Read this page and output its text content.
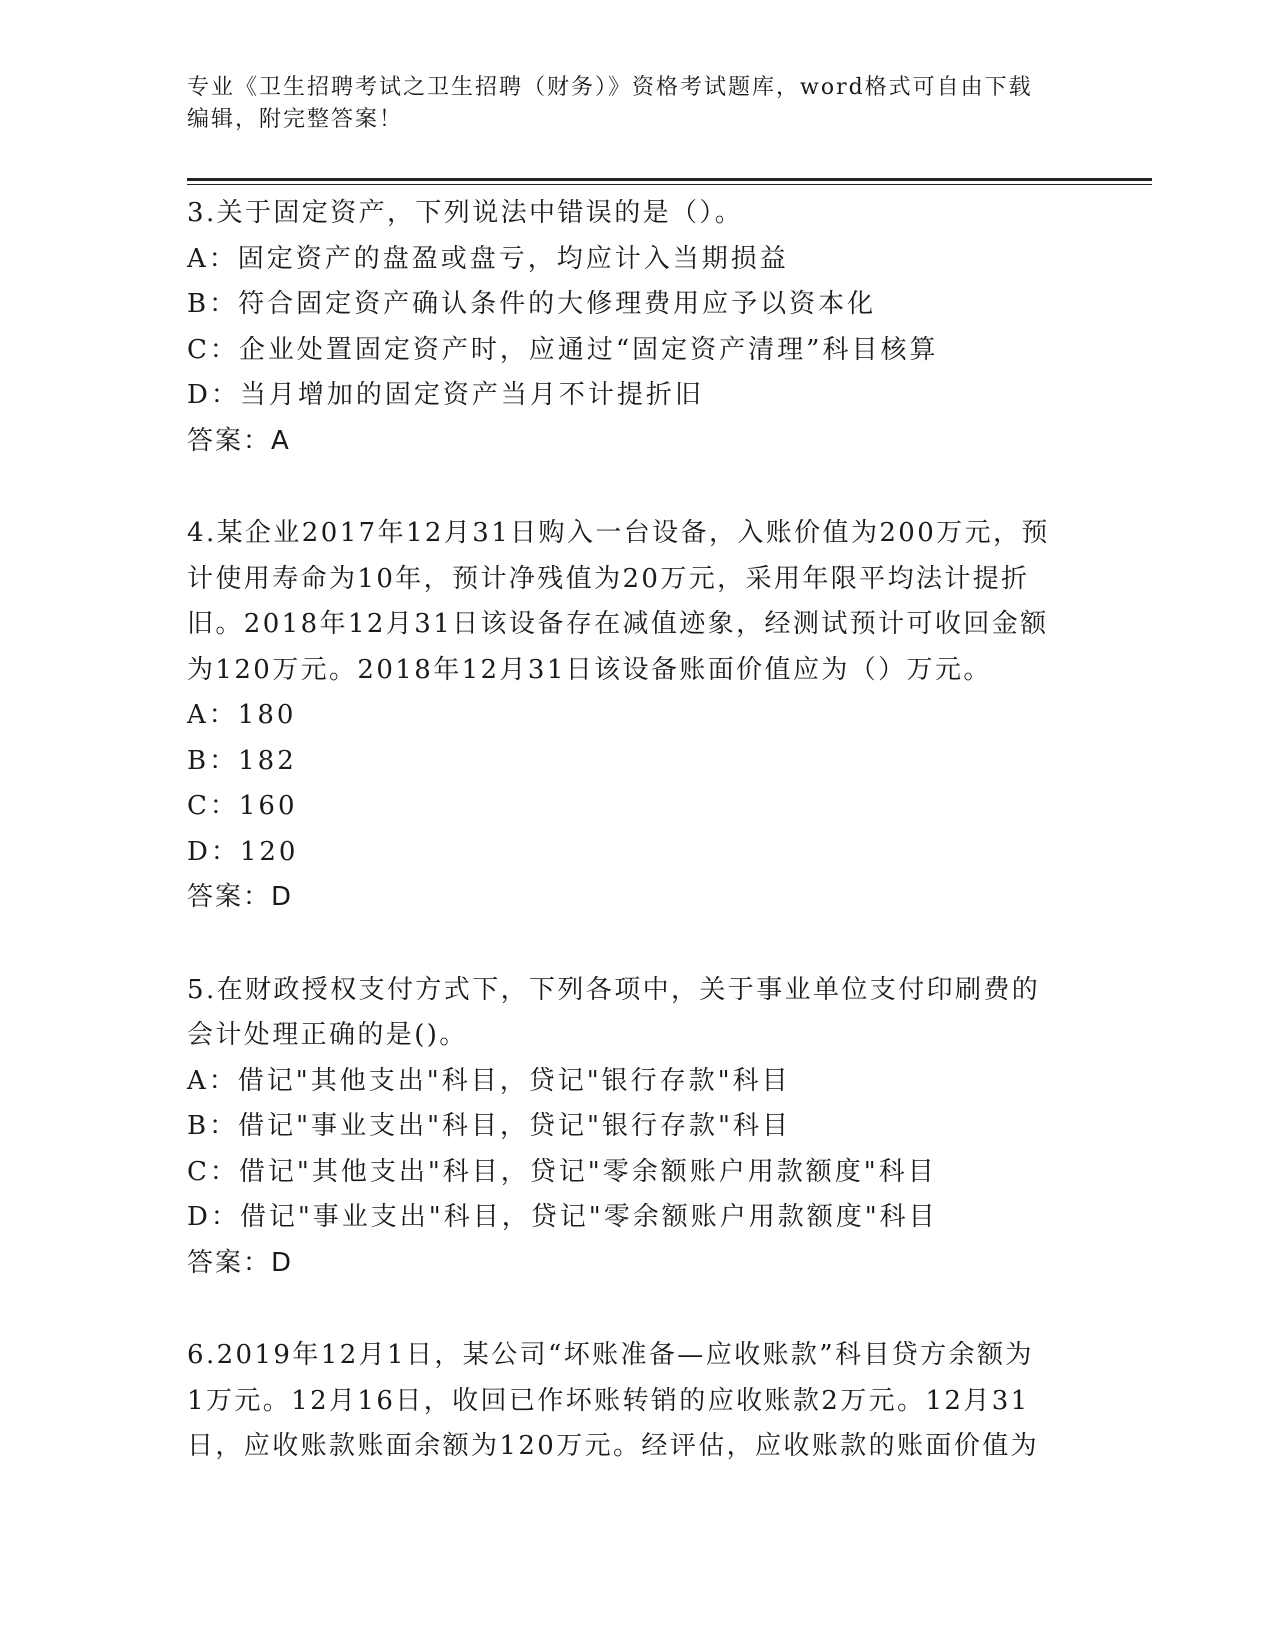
专业《卫生招聘考试之卫生招聘（财务）》资格考试题库，word格式可自由下载
编辑，附完整答案！
3.关于固定资产，下列说法中错误的是（）。
A：固定资产的盘盈或盘亏，均应计入当期损益
B：符合固定资产确认条件的大修理费用应予以资本化
C：企业处置固定资产时，应通过“固定资产清理”科目核算
D：当月增加的固定资产当月不计提折旧
答案：A
4.某企业2017年12月31日购入一台设备，入账价值为200万元，预
计使用寿命为10年，预计净残值为20万元，采用年限平均法计提折
旧。2018年12月31日该设备存在减值迹象，经测试预计可收回金额
为120万元。2018年12月31日该设备账面价值应为（）万元。
A：180
B：182
C：160
D：120
答案：D
5.在财政授权支付方式下，下列各项中，关于事业单位支付印刷费的
会计处理正确的是()。
A：借记"其他支出"科目，贷记"银行存款"科目
B：借记"事业支出"科目，贷记"银行存款"科目
C：借记"其他支出"科目，贷记"零余额账户用款额度"科目
D：借记"事业支出"科目，贷记"零余额账户用款额度"科目
答案：D
6.2019年12月1日，某公司“坏账准备—应收账款”科目贷方余额为
1万元。12月16日，收回已作坏账转销的应收账款2万元。12月31
日，应收账款账面余额为120万元。经评估，应收账款的账面价值为
